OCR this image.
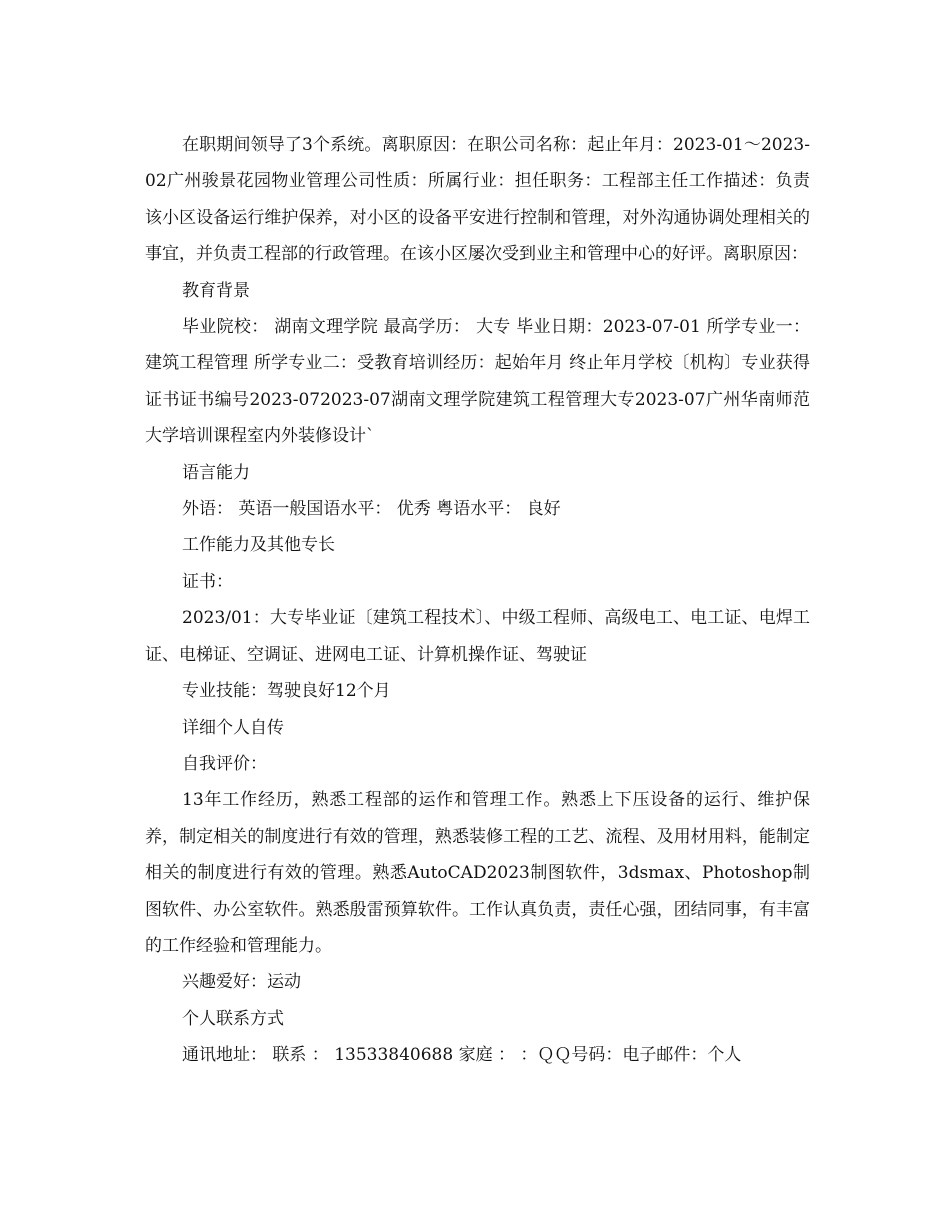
在职期间领导了3个系统。离职原因：在职公司名称：起止年月：2023-01～2023-02广州骏景花园物业管理公司性质：所属行业：担任职务：工程部主任工作描述：负责该小区设备运行维护保养，对小区的设备平安进行控制和管理，对外沟通协调处理相关的事宜，并负责工程部的行政管理。在该小区屡次受到业主和管理中心的好评。离职原因：

教育背景

毕业院校： 湖南文理学院 最高学历： 大专 毕业日期：2023-07-01 所学专业一： 建筑工程管理 所学专业二：受教育培训经历：起始年月 终止年月学校〔机构〕专业获得证书证书编号2023-072023-07湖南文理学院建筑工程管理大专2023-07广州华南师范大学培训课程室内外装修设计`

语言能力

外语： 英语一般国语水平： 优秀 粤语水平： 良好

工作能力及其他专长

证书：

2023/01：大专毕业证〔建筑工程技术〕、中级工程师、高级电工、电工证、电焊工证、电梯证、空调证、进网电工证、计算机操作证、驾驶证

专业技能：驾驶良好12个月

详细个人自传

自我评价：

13年工作经历，熟悉工程部的运作和管理工作。熟悉上下压设备的运行、维护保养，制定相关的制度进行有效的管理，熟悉装修工程的工艺、流程、及用材用料，能制定相关的制度进行有效的管理。熟悉AutoCAD2023制图软件，3dsmax、Photoshop制图软件、办公室软件。熟悉殷雷预算软件。工作认真负责，责任心强，团结同事，有丰富的工作经验和管理能力。

兴趣爱好：运动

个人联系方式

通讯地址： 联系 ： 13533840688 家庭 ： ：ＱＱ号码：电子邮件：个人
